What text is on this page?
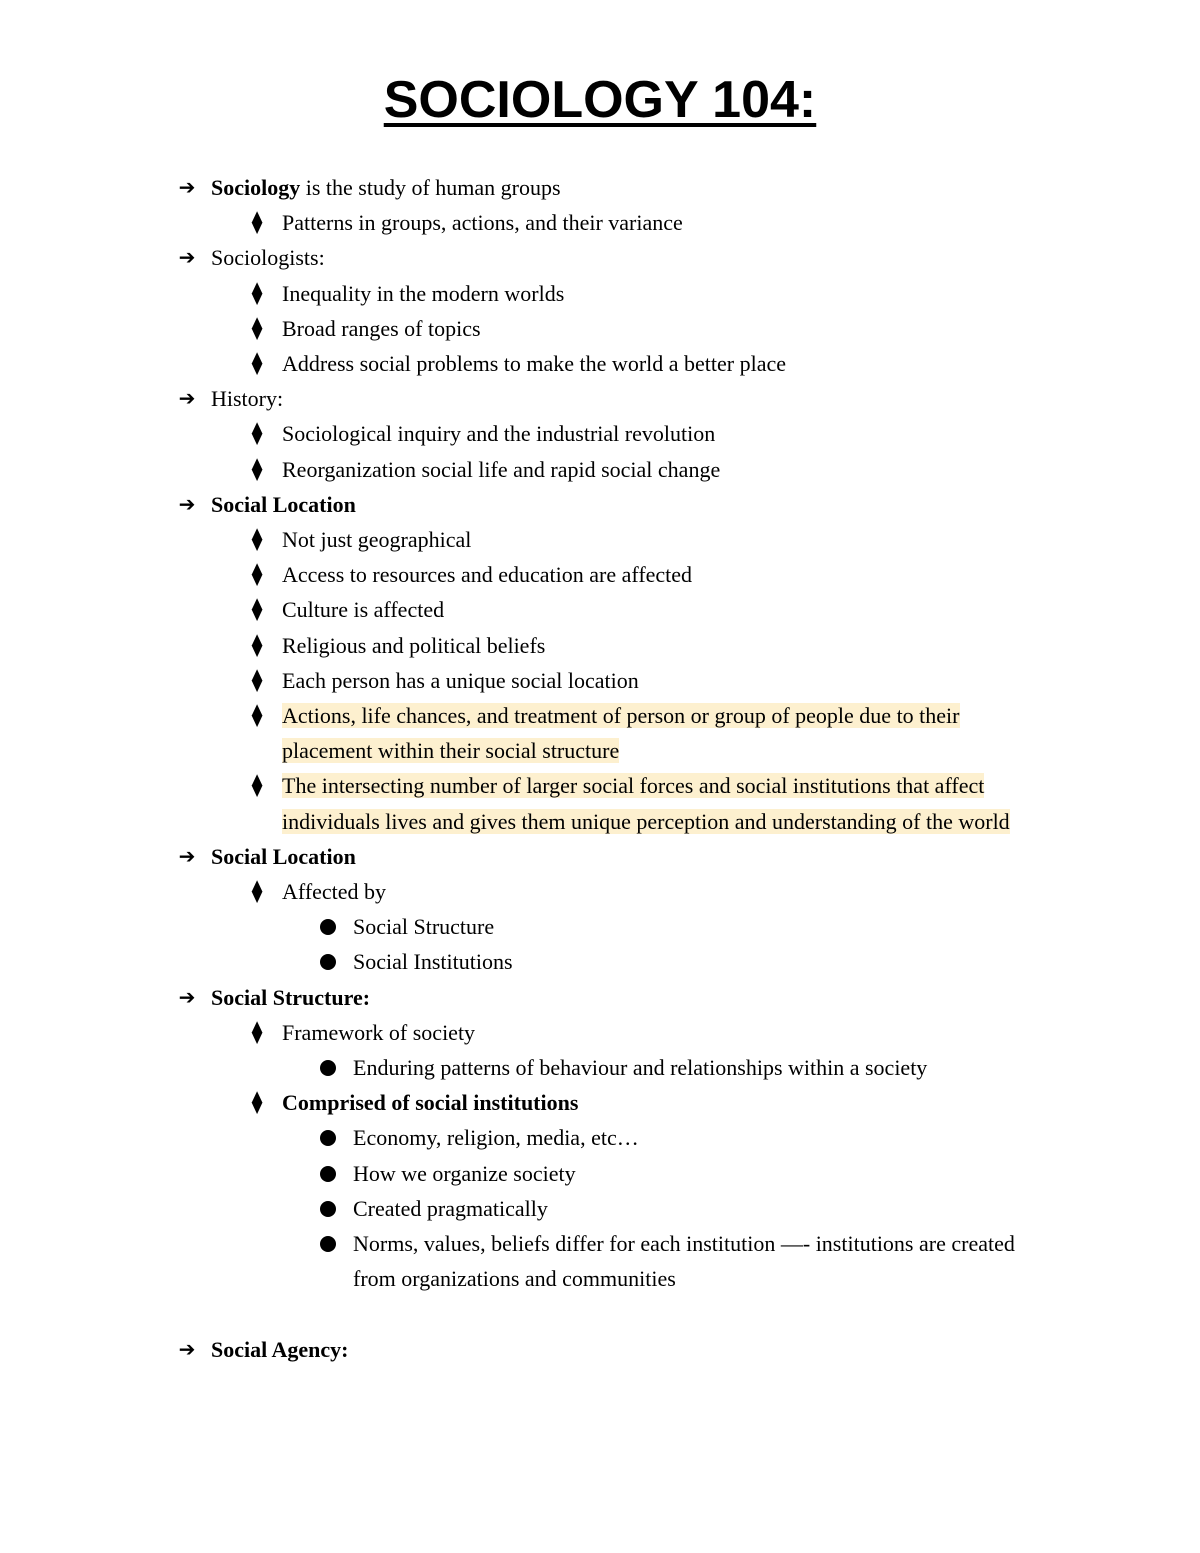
SOCIOLOGY 104:
➔ Sociology is the study of human groups
⧫ Patterns in groups, actions, and their variance
➔ Sociologists:
⧫ Inequality in the modern worlds
⧫ Broad ranges of topics
⧫ Address social problems to make the world a better place
➔ History:
⧫ Sociological inquiry and the industrial revolution
⧫ Reorganization social life and rapid social change
➔ Social Location
⧫ Not just geographical
⧫ Access to resources and education are affected
⧫ Culture is affected
⧫ Religious and political beliefs
⧫ Each person has a unique social location
⧫ Actions, life chances, and treatment of person or group of people due to their placement within their social structure
⧫ The intersecting number of larger social forces and social institutions that affect individuals lives and gives them unique perception and understanding of the world
➔ Social Location
⧫ Affected by
Social Structure
Social Institutions
➔ Social Structure:
⧫ Framework of society
Enduring patterns of behaviour and relationships within a society
⧫ Comprised of social institutions
Economy, religion, media, etc…
How we organize society
Created pragmatically
Norms, values, beliefs differ for each institution —- institutions are created from organizations and communities
➔ Social Agency:
